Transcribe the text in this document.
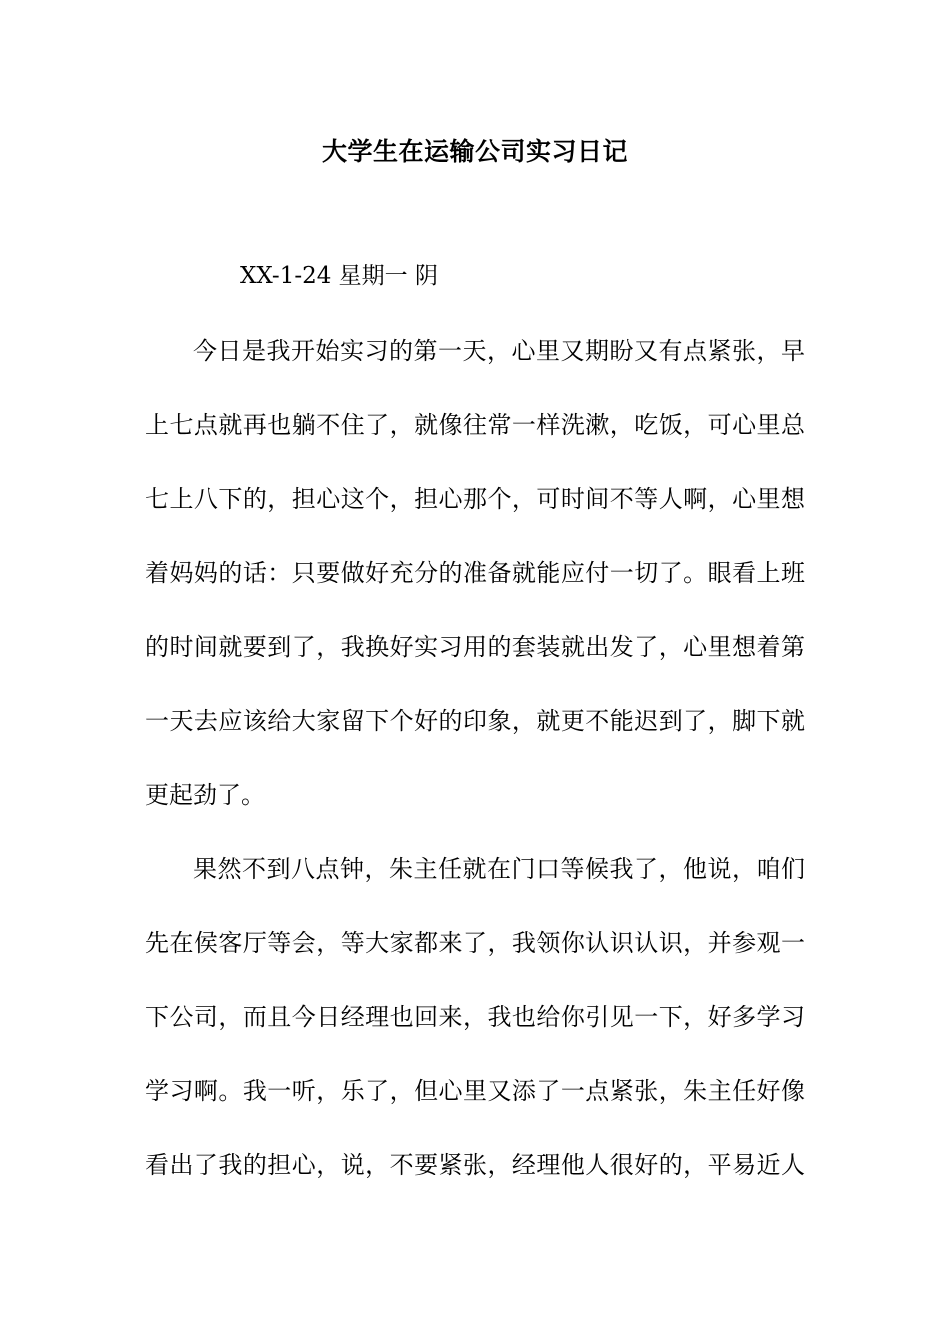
大学生在运输公司实习日记
XX-1-24 星期一 阴
今日是我开始实习的第一天，心里又期盼又有点紧张，早
上七点就再也躺不住了，就像往常一样洗漱，吃饭，可心里总
七上八下的，担心这个，担心那个，可时间不等人啊，心里想
着妈妈的话：只要做好充分的准备就能应付一切了。眼看上班
的时间就要到了，我换好实习用的套装就出发了，心里想着第
一天去应该给大家留下个好的印象，就更不能迟到了，脚下就
更起劲了。
果然不到八点钟，朱主任就在门口等候我了，他说，咱们
先在侯客厅等会，等大家都来了，我领你认识认识，并参观一
下公司，而且今日经理也回来，我也给你引见一下，好多学习
学习啊。我一听，乐了，但心里又添了一点紧张，朱主任好像
看出了我的担心，说，不要紧张，经理他人很好的，平易近人
